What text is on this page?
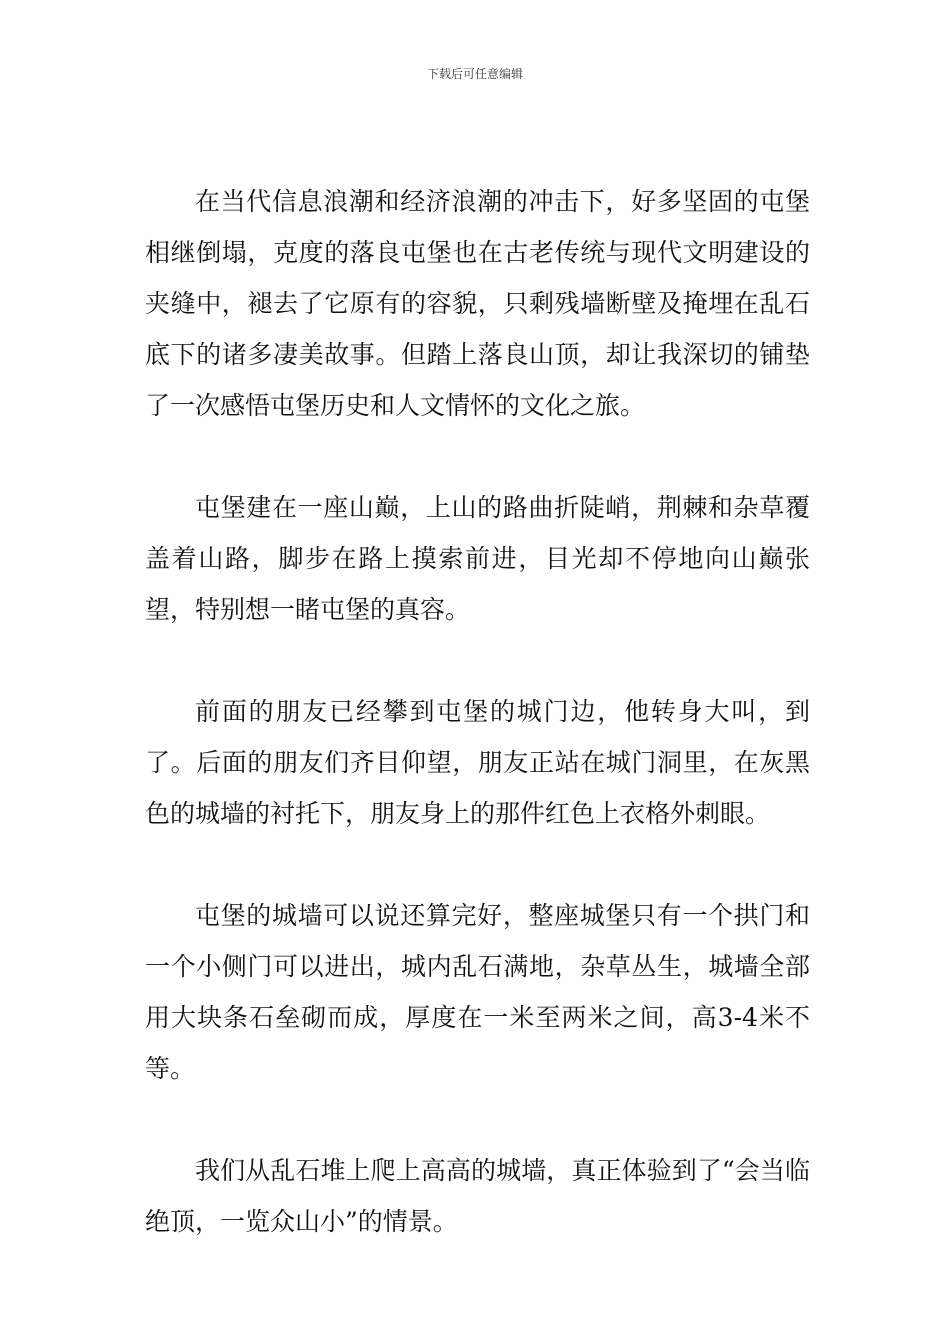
下载后可任意编辑

在当代信息浪潮和经济浪潮的冲击下，好多坚固的屯堡相继倒塌，克度的落良屯堡也在古老传统与现代文明建设的夹缝中，褪去了它原有的容貌，只剩残墙断壁及掩埋在乱石底下的诸多凄美故事。但踏上落良山顶，却让我深切的铺垫了一次感悟屯堡历史和人文情怀的文化之旅。

屯堡建在一座山巅，上山的路曲折陡峭，荆棘和杂草覆盖着山路，脚步在路上摸索前进，目光却不停地向山巅张望，特别想一睹屯堡的真容。

前面的朋友已经攀到屯堡的城门边，他转身大叫，到了。后面的朋友们齐目仰望，朋友正站在城门洞里，在灰黑色的城墙的衬托下，朋友身上的那件红色上衣格外刺眼。

屯堡的城墙可以说还算完好，整座城堡只有一个拱门和一个小侧门可以进出，城内乱石满地，杂草丛生，城墙全部用大块条石垒砌而成，厚度在一米至两米之间，高3-4米不等。

我们从乱石堆上爬上高高的城墙，真正体验到了“会当临绝顶，一览众山小”的情景。
